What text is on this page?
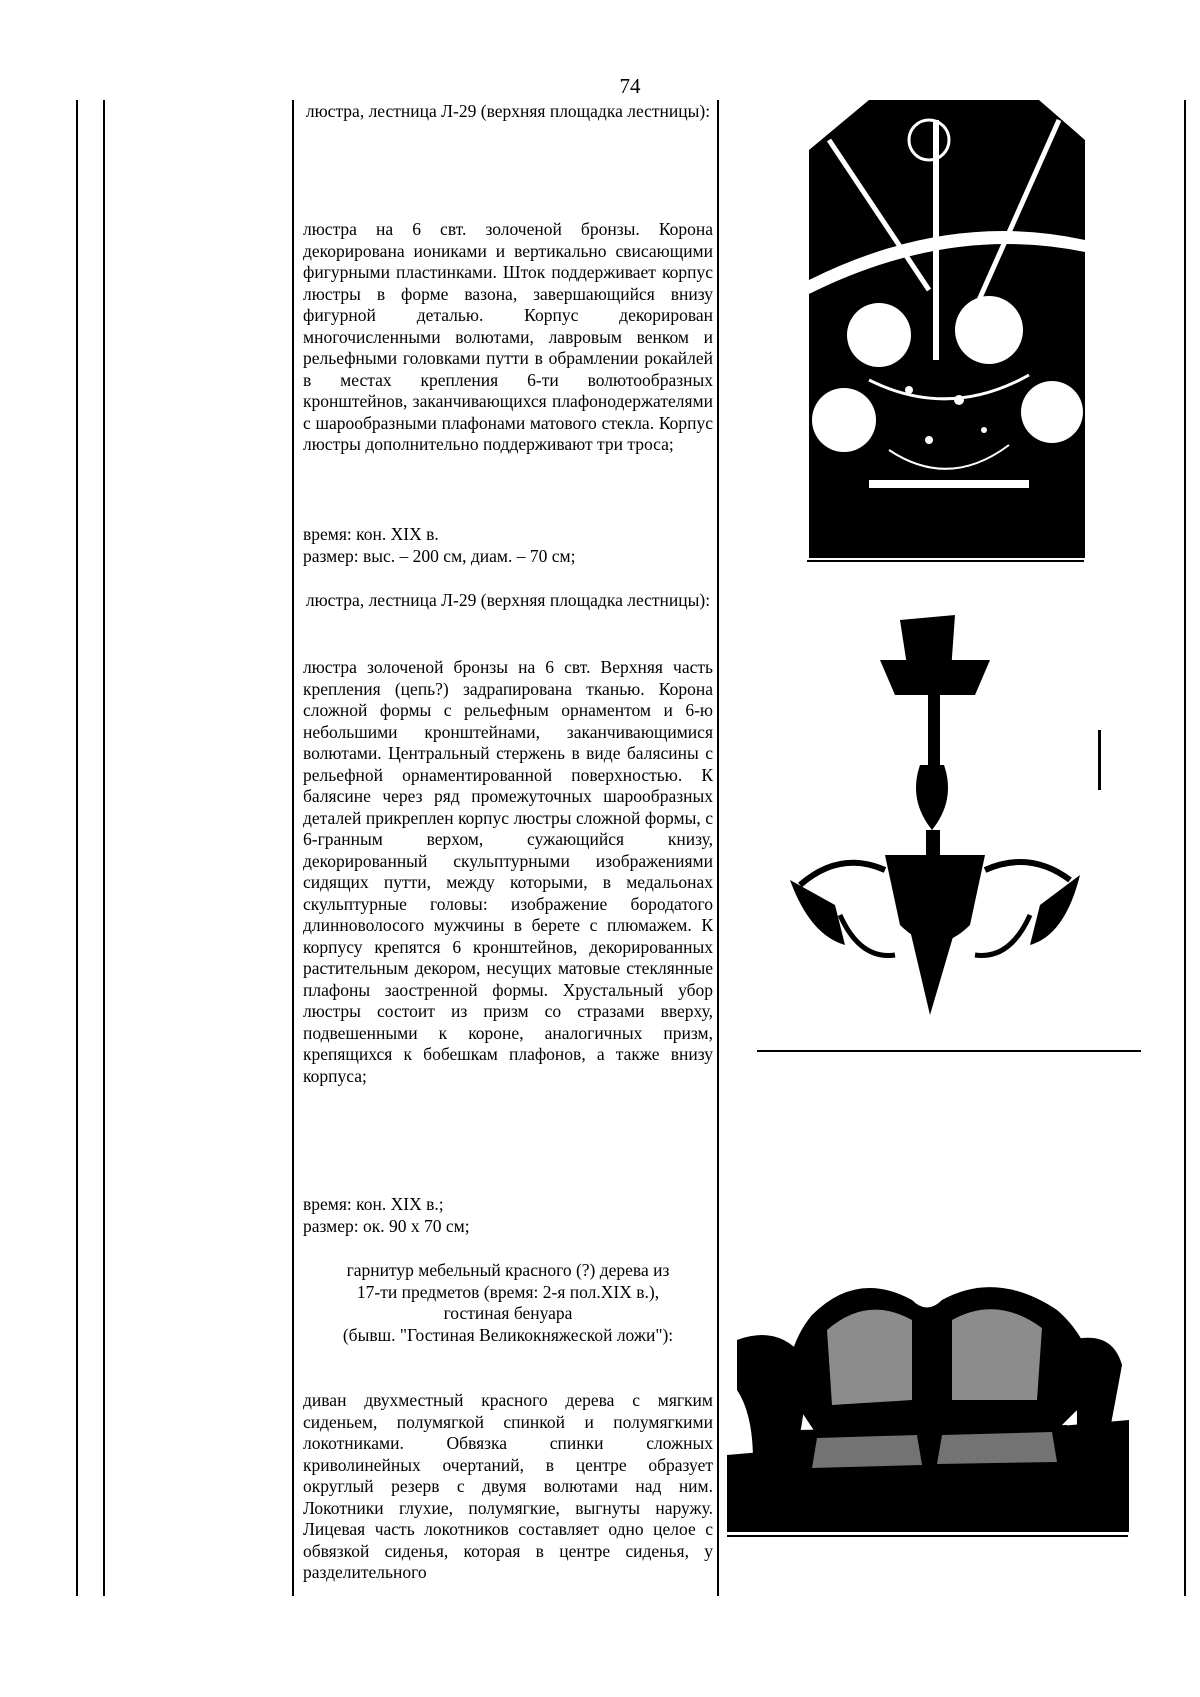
74
люстра, лестница Л-29 (верхняя площадка лестницы):
люстра на 6 свт. золоченой бронзы. Корона декорирована иониками и вертикально свисающими фигурными пластинками. Шток поддерживает корпус люстры в форме вазона, завершающийся внизу фигурной деталью. Корпус декорирован многочисленными волютами, лавровым венком и рельефными головками путти в обрамлении рокайлей в местах крепления 6-ти волютообразных кронштейнов, заканчивающихся плафонодержателями с шарообразными плафонами матового стекла. Корпус люстры дополнительно поддерживают три троса;
время: кон. XIX в.
размер: выс. – 200 см, диам. – 70 см;
люстра, лестница Л-29 (верхняя площадка лестницы):
люстра золоченой бронзы на 6 свт. Верхняя часть крепления (цепь?) задрапирована тканью. Корона сложной формы с рельефным орнаментом и 6-ю небольшими кронштейнами, заканчивающимися волютами. Центральный стержень в виде балясины с рельефной орнаментированной поверхностью. К балясине через ряд промежуточных шарообразных деталей прикреплен корпус люстры сложной формы, с 6-гранным верхом, сужающийся книзу, декорированный скульптурными изображениями сидящих путти, между которыми, в медальонах скульптурные головы: изображение бородатого длинноволосого мужчины в берете с плюмажем. К корпусу крепятся 6 кронштейнов, декорированных растительным декором, несущих матовые стеклянные плафоны заостренной формы. Хрустальный убор люстры состоит из призм со стразами вверху, подвешенными к короне, аналогичных призм, крепящихся к бобешкам плафонов, а также внизу корпуса;
время: кон. XIX в.;
размер: ок. 90 х 70 см;
гарнитур мебельный красного (?) дерева из
17-ти предметов (время: 2-я пол.XIX в.),
гостиная бенуара
(бывш. "Гостиная Великокняжеской ложи"):
диван двухместный красного дерева с мягким сиденьем, полумягкой спинкой и полумягкими локотниками. Обвязка спинки сложных криволинейных очертаний, в центре образует округлый резерв с двумя волютами над ним. Локотники глухие, полумягкие, выгнуты наружу. Лицевая часть локотников составляет одно целое с обвязкой сиденья, которая в центре сиденья, у разделительного
